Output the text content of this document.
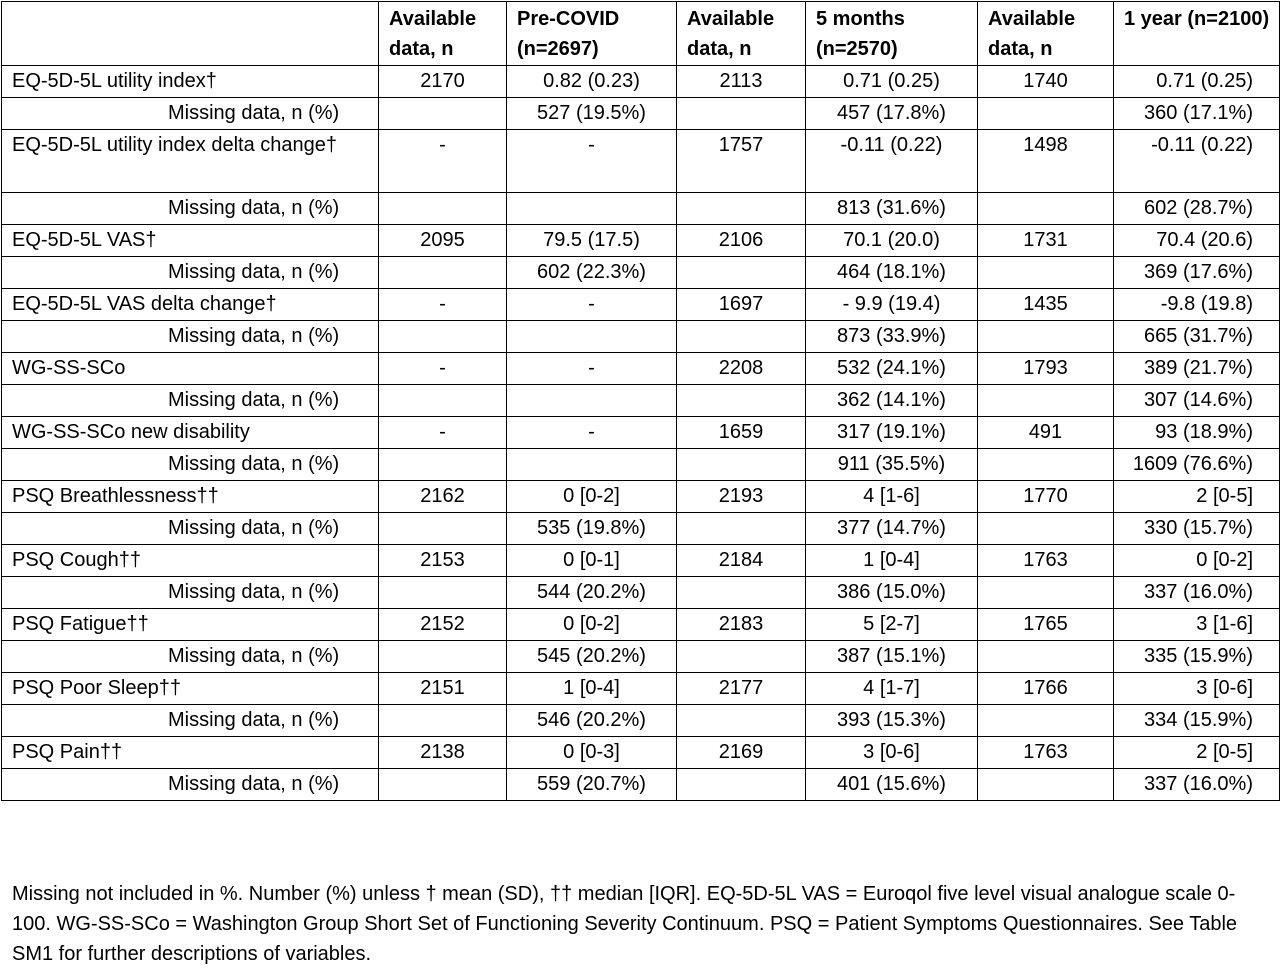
	Available data, n	Pre-COVID (n=2697)	Available data, n	5 months (n=2570)	Available data, n	1 year (n=2100)
EQ-5D-5L utility index†	2170	0.82 (0.23)	2113	0.71 (0.25)	1740	0.71 (0.25)
Missing data, n (%)		527 (19.5%)		457 (17.8%)		360 (17.1%)
EQ-5D-5L utility index delta change†	-	-	1757	-0.11 (0.22)	1498	-0.11 (0.22)
Missing data, n (%)				813 (31.6%)		602 (28.7%)
EQ-5D-5L VAS†	2095	79.5 (17.5)	2106	70.1 (20.0)	1731	70.4 (20.6)
Missing data, n (%)		602 (22.3%)		464 (18.1%)		369 (17.6%)
EQ-5D-5L VAS delta change†	-	-	1697	- 9.9 (19.4)	1435	-9.8 (19.8)
Missing data, n (%)				873 (33.9%)		665 (31.7%)
WG-SS-SCo	-	-	2208	532 (24.1%)	1793	389 (21.7%)
Missing data, n (%)				362 (14.1%)		307 (14.6%)
WG-SS-SCo new disability	-	-	1659	317 (19.1%)	491	93 (18.9%)
Missing data, n (%)				911 (35.5%)		1609 (76.6%)
PSQ Breathlessness††	2162	0 [0-2]	2193	4 [1-6]	1770	2 [0-5]
Missing data, n (%)		535 (19.8%)		377 (14.7%)		330 (15.7%)
PSQ Cough††	2153	0 [0-1]	2184	1 [0-4]	1763	0 [0-2]
Missing data, n (%)		544 (20.2%)		386 (15.0%)		337 (16.0%)
PSQ Fatigue††	2152	0 [0-2]	2183	5 [2-7]	1765	3 [1-6]
Missing data, n (%)		545 (20.2%)		387 (15.1%)		335 (15.9%)
PSQ Poor Sleep††	2151	1 [0-4]	2177	4 [1-7]	1766	3 [0-6]
Missing data, n (%)		546 (20.2%)		393 (15.3%)		334 (15.9%)
PSQ Pain††	2138	0 [0-3]	2169	3 [0-6]	1763	2 [0-5]
Missing data, n (%)		559 (20.7%)		401 (15.6%)		337 (16.0%)
Missing not included in %. Number (%) unless † mean (SD), †† median [IQR]. EQ-5D-5L VAS = Euroqol five level visual analogue scale 0-100. WG-SS-SCo = Washington Group Short Set of Functioning Severity Continuum. PSQ = Patient Symptoms Questionnaires. See Table SM1 for further descriptions of variables.
